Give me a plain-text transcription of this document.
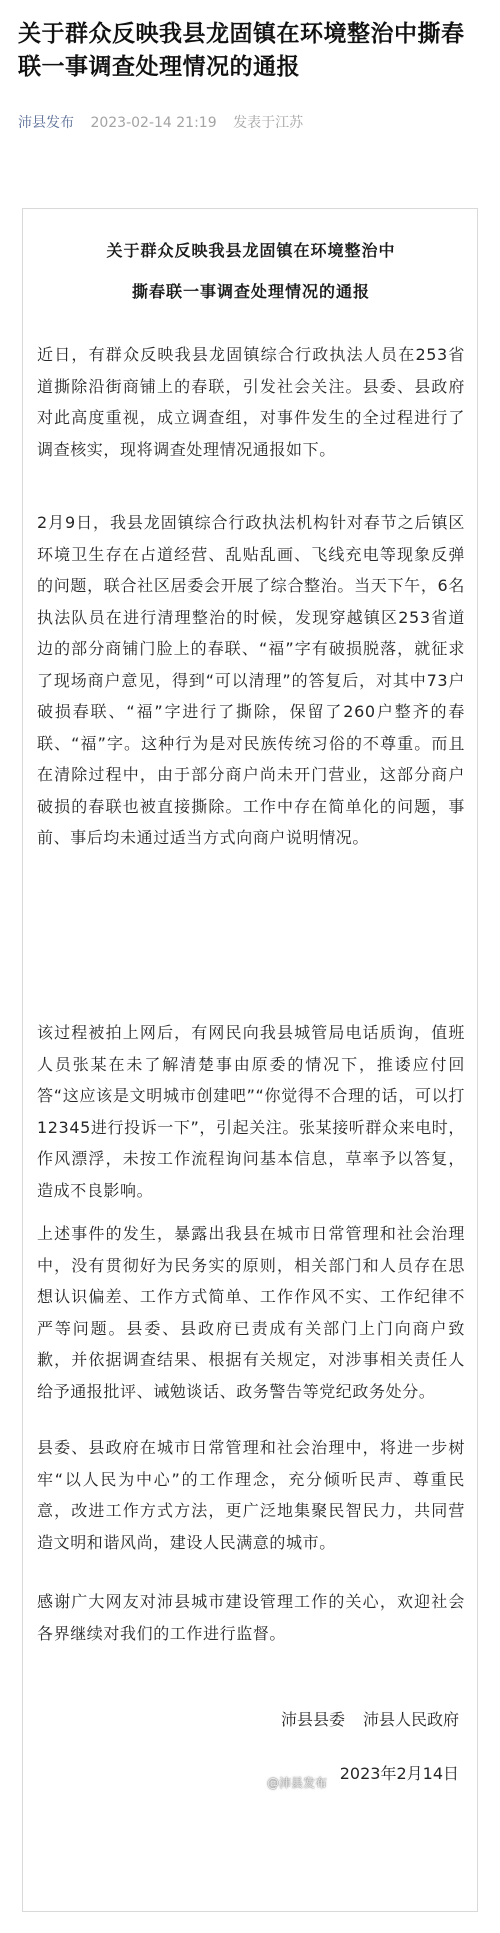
关于群众反映我县龙固镇在环境整治中撕春联一事调查处理情况的通报
沛县发布 2023-02-14 21:19 发表于江苏
关于群众反映我县龙固镇在环境整治中
撕春联一事调查处理情况的通报

近日，有群众反映我县龙固镇综合行政执法人员在253省道撕除沿街商铺上的春联，引发社会关注。县委、县政府对此高度重视，成立调查组，对事件发生的全过程进行了调查核实，现将调查处理情况通报如下。

2月9日，我县龙固镇综合行政执法机构针对春节之后镇区环境卫生存在占道经营、乱贴乱画、飞线充电等现象反弹的问题，联合社区居委会开展了综合整治。当天下午，6名执法队员在进行清理整治的时候，发现穿越镇区253省道边的部分商铺门脸上的春联、“福”字有破损脱落，就征求了现场商户意见，得到“可以清理”的答复后，对其中73户破损春联、“福”字进行了撕除，保留了260户整齐的春联、“福”字。这种行为是对民族传统习俗的不尊重。而且在清除过程中，由于部分商户尚未开门营业，这部分商户破损的春联也被直接撕除。工作中存在简单化的问题，事前、事后均未通过适当方式向商户说明情况。

该过程被拍上网后，有网民向我县城管局电话质询，值班人员张某在未了解清楚事由原委的情况下，推诿应付回答“这应该是文明城市创建吧”“你觉得不合理的话，可以打12345进行投诉一下”，引起关注。张某接听群众来电时，作风漂浮，未按工作流程询问基本信息，草率予以答复，造成不良影响。

上述事件的发生，暴露出我县在城市日常管理和社会治理中，没有贯彻好为民务实的原则，相关部门和人员存在思想认识偏差、工作方式简单、工作作风不实、工作纪律不严等问题。县委、县政府已责成有关部门上门向商户致歉，并依据调查结果、根据有关规定，对涉事相关责任人给予通报批评、诫勉谈话、政务警告等党纪政务处分。

县委、县政府在城市日常管理和社会治理中，将进一步树牢“以人民为中心”的工作理念，充分倾听民声、尊重民意，改进工作方式方法，更广泛地集聚民智民力，共同营造文明和谐风尚，建设人民满意的城市。

感谢广大网友对沛县城市建设管理工作的关心，欢迎社会各界继续对我们的工作进行监督。

沛县县委 沛县人民政府
2023年2月14日
@沛县发布
